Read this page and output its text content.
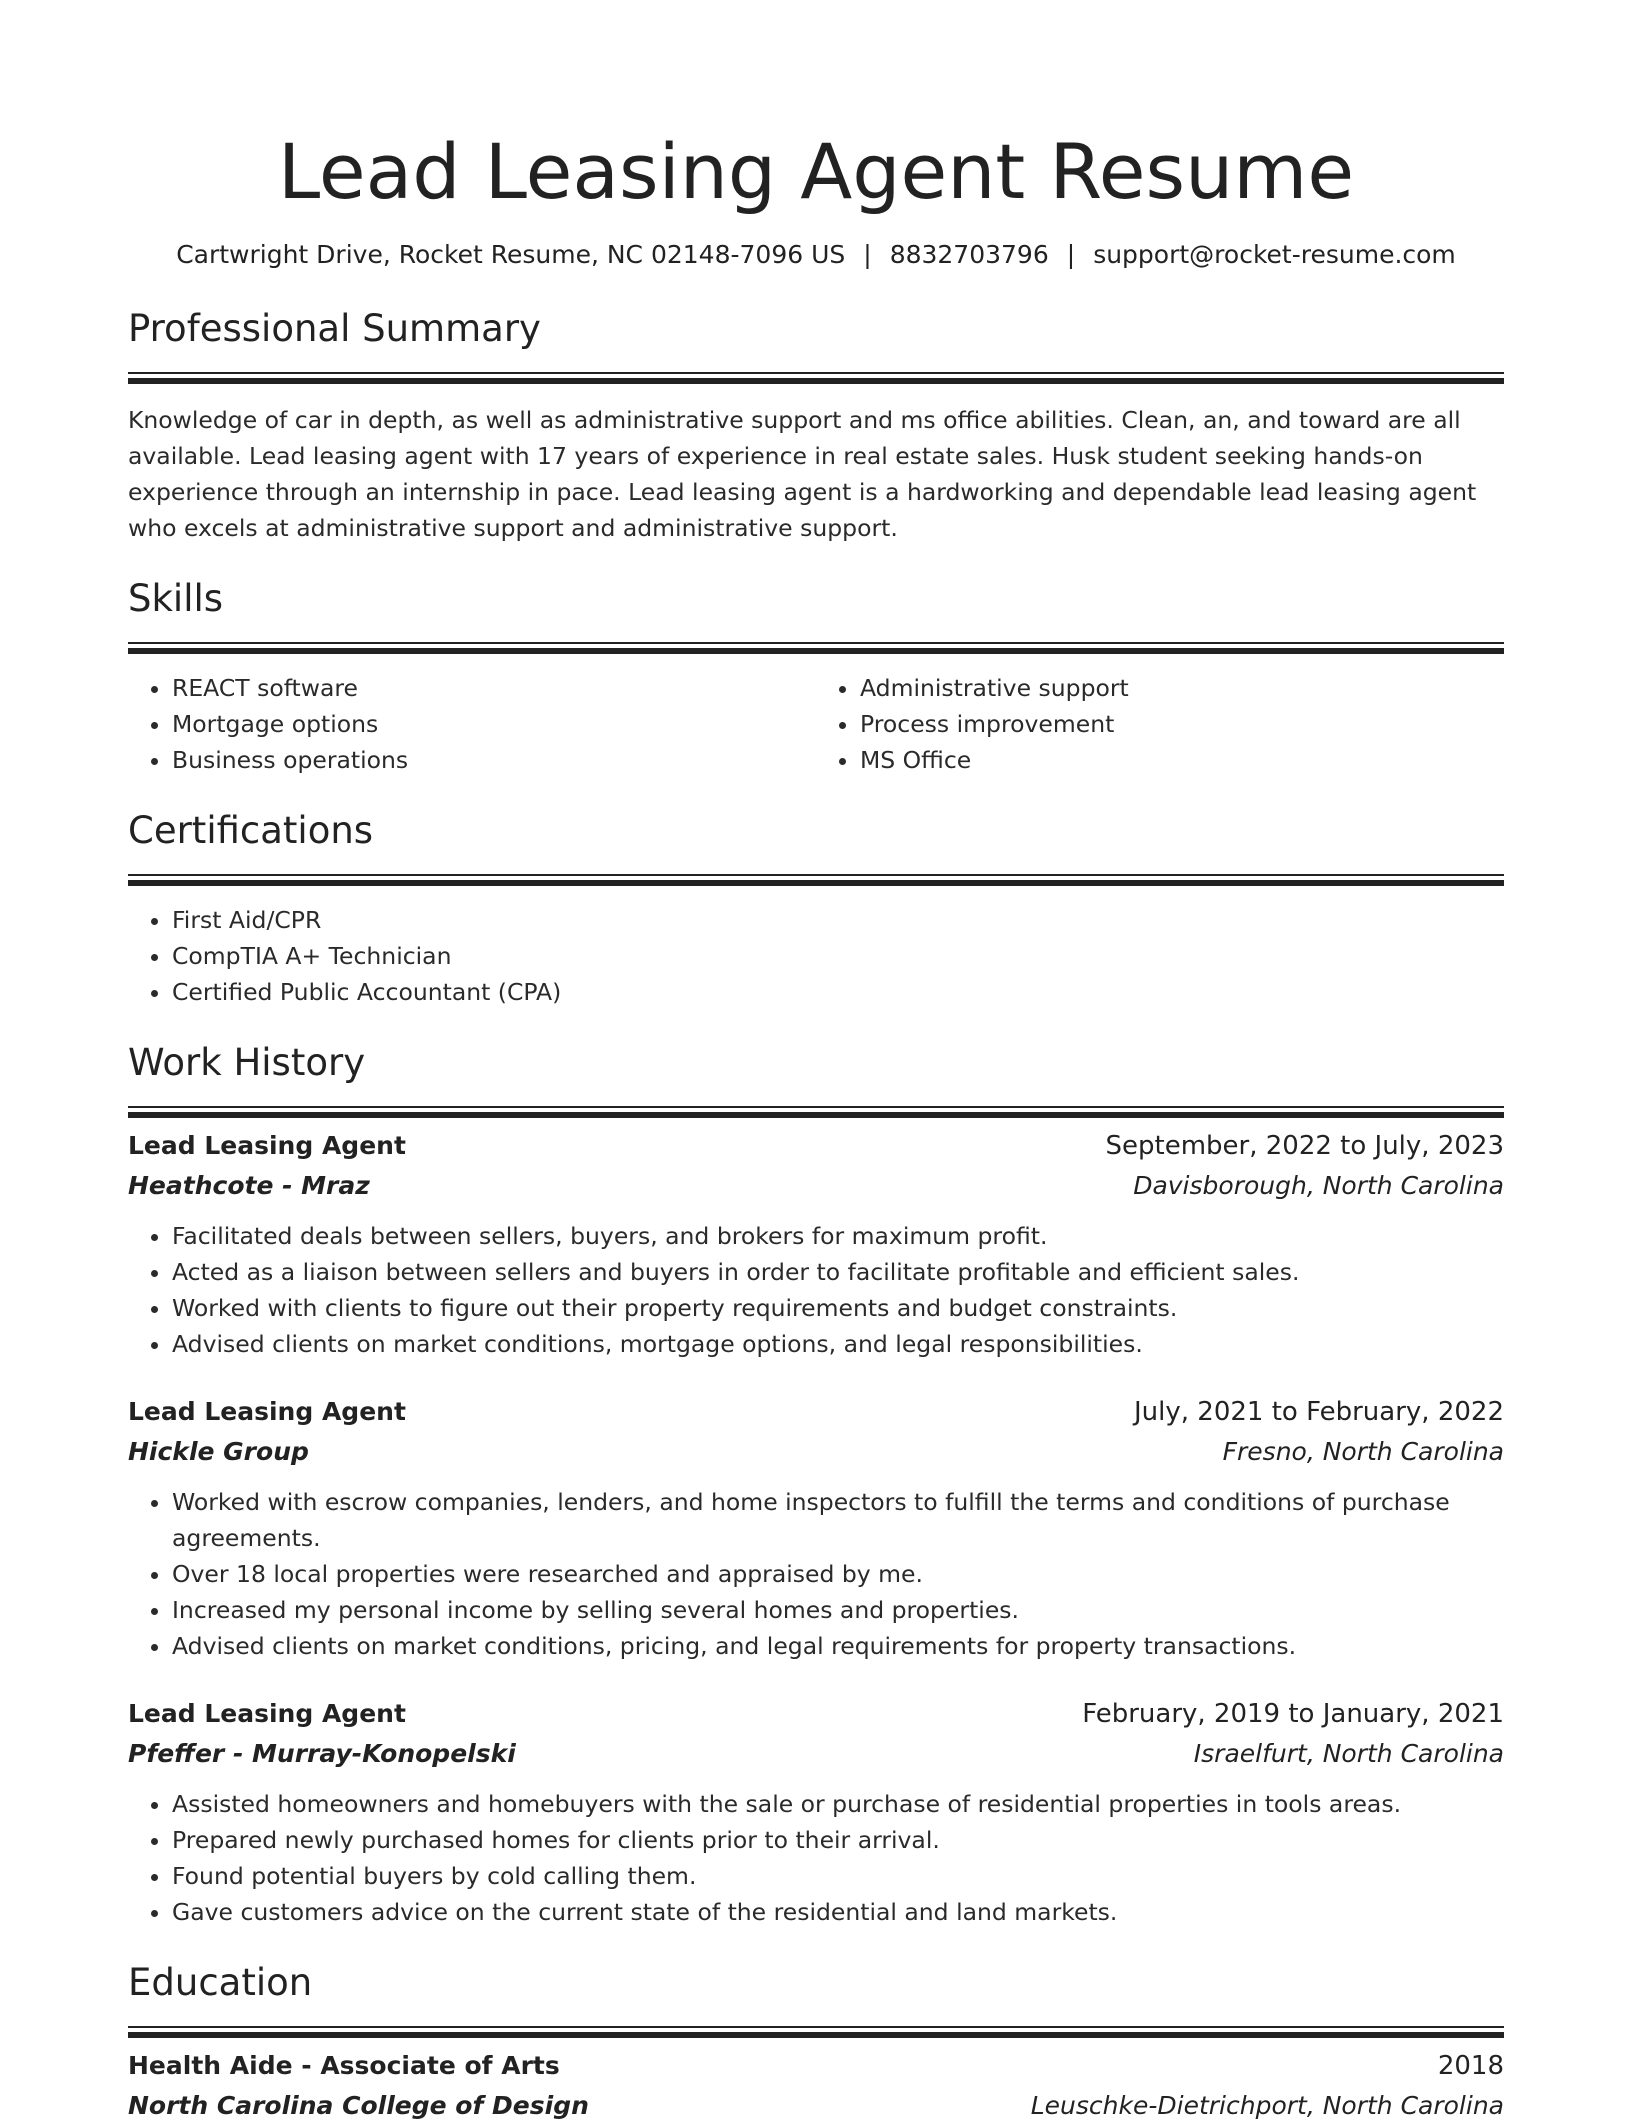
Lead Leasing Agent Resume
Cartwright Drive, Rocket Resume, NC 02148-7096 US | 8832703796 | support@rocket-resume.com
Professional Summary
Knowledge of car in depth, as well as administrative support and ms office abilities. Clean, an, and toward are all available. Lead leasing agent with 17 years of experience in real estate sales. Husk student seeking hands-on experience through an internship in pace. Lead leasing agent is a hardworking and dependable lead leasing agent who excels at administrative support and administrative support.
Skills
• REACT software
• Mortgage options
• Business operations
• Administrative support
• Process improvement
• MS Office
Certifications
• First Aid/CPR
• CompTIA A+ Technician
• Certified Public Accountant (CPA)
Work History
Lead Leasing Agent	September, 2022 to July, 2023
Heathcote - Mraz	Davisborough, North Carolina
• Facilitated deals between sellers, buyers, and brokers for maximum profit.
• Acted as a liaison between sellers and buyers in order to facilitate profitable and efficient sales.
• Worked with clients to figure out their property requirements and budget constraints.
• Advised clients on market conditions, mortgage options, and legal responsibilities.
Lead Leasing Agent	July, 2021 to February, 2022
Hickle Group	Fresno, North Carolina
• Worked with escrow companies, lenders, and home inspectors to fulfill the terms and conditions of purchase agreements.
• Over 18 local properties were researched and appraised by me.
• Increased my personal income by selling several homes and properties.
• Advised clients on market conditions, pricing, and legal requirements for property transactions.
Lead Leasing Agent	February, 2019 to January, 2021
Pfeffer - Murray-Konopelski	Israelfurt, North Carolina
• Assisted homeowners and homebuyers with the sale or purchase of residential properties in tools areas.
• Prepared newly purchased homes for clients prior to their arrival.
• Found potential buyers by cold calling them.
• Gave customers advice on the current state of the residential and land markets.
Education
Health Aide - Associate of Arts	2018
North Carolina College of Design	Leuschke-Dietrichport, North Carolina
